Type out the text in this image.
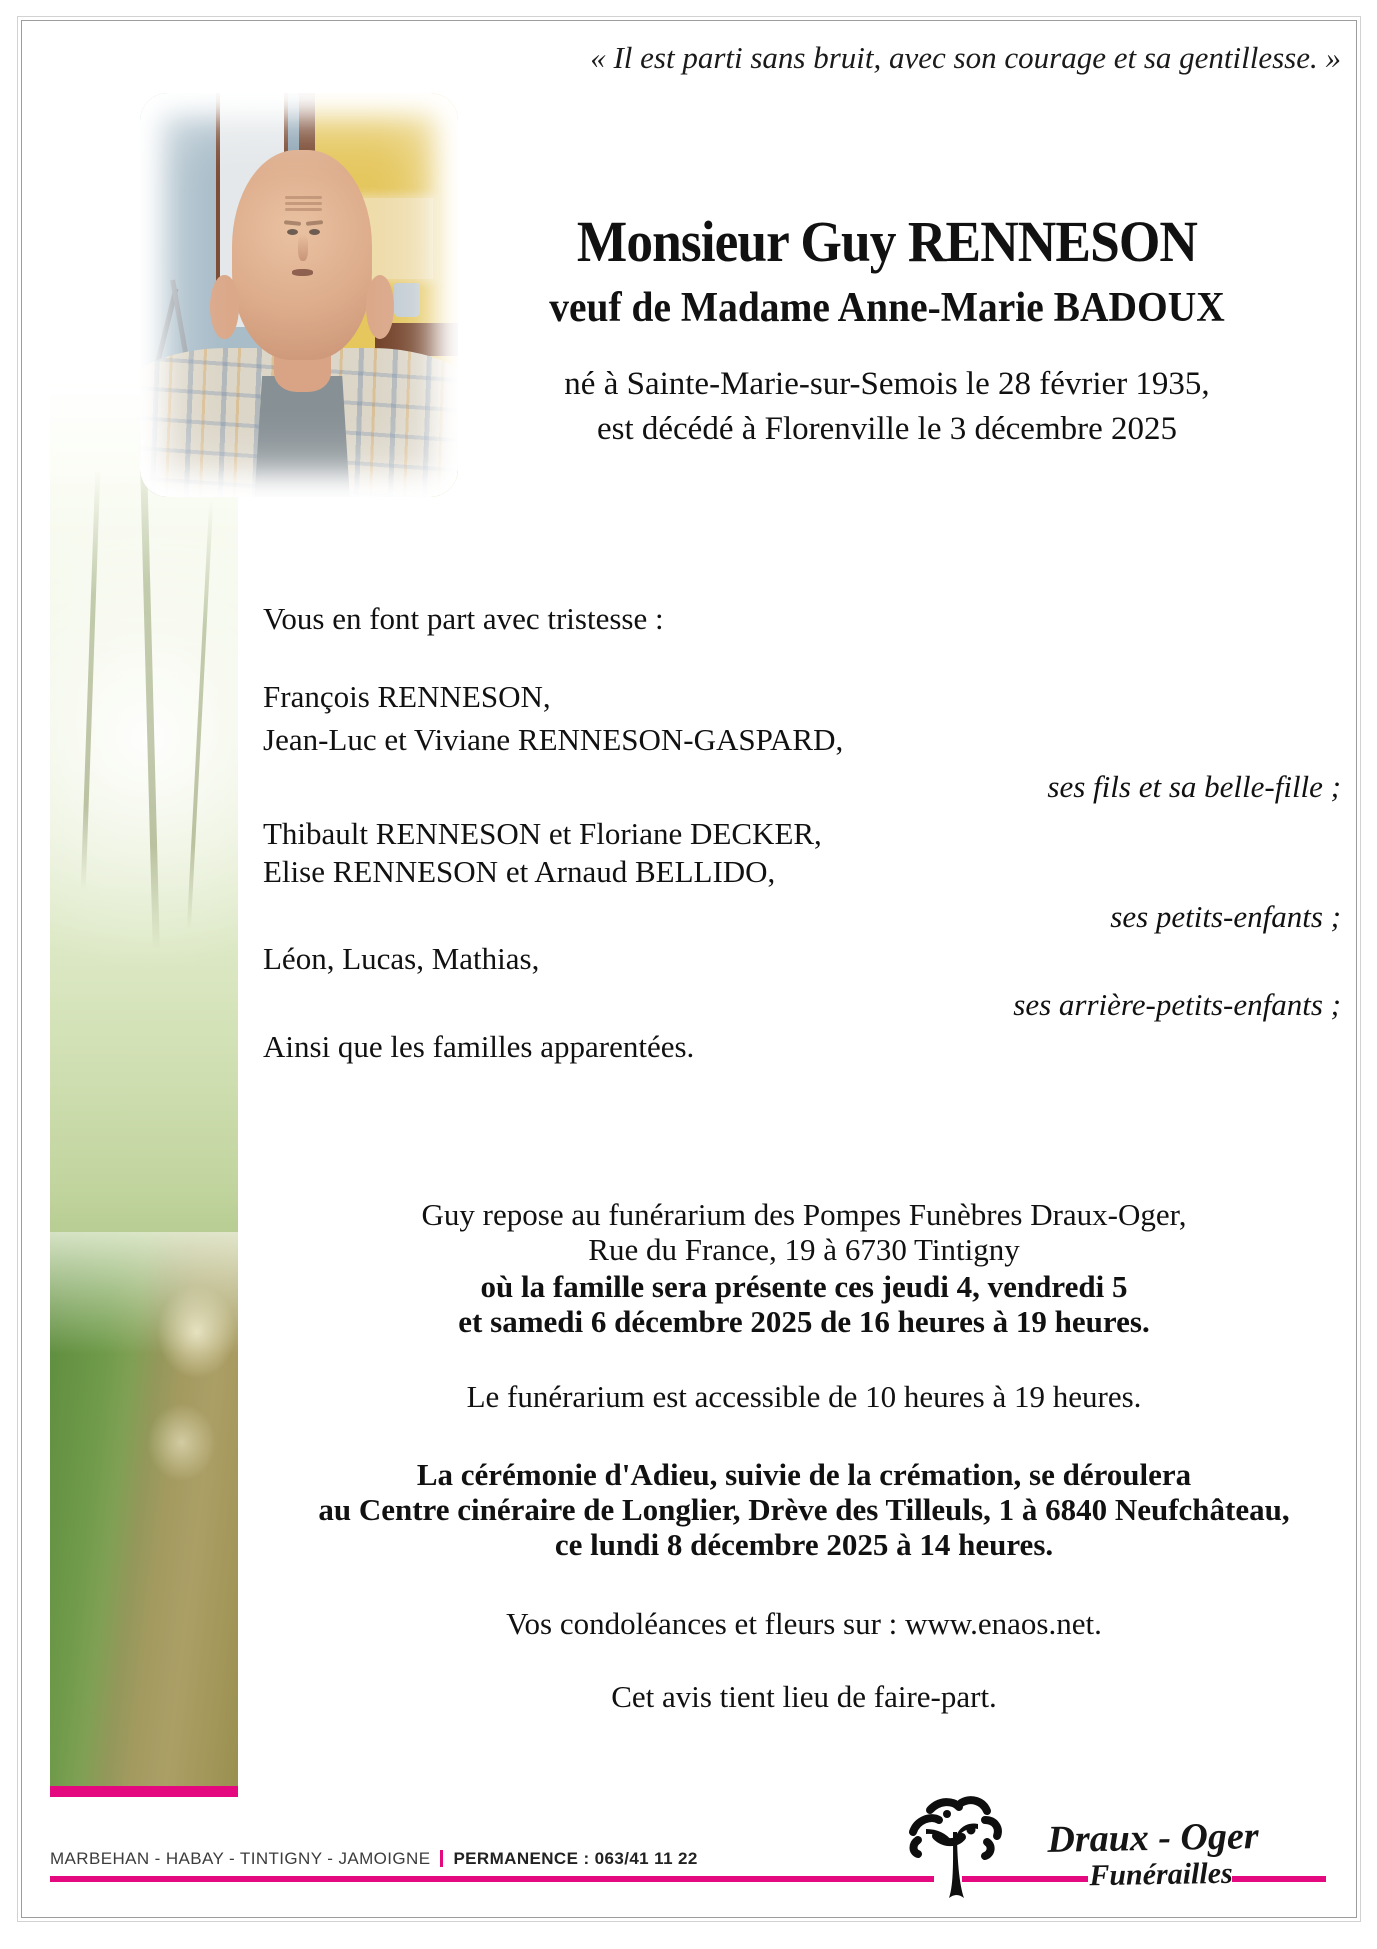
« Il est parti sans bruit, avec son courage et sa gentillesse. »
Monsieur Guy RENNESON
veuf de Madame Anne-Marie BADOUX
né à Sainte-Marie-sur-Semois le 28 février 1935,
est décédé à Florenville le 3 décembre 2025
Vous en font part avec tristesse :
François RENNESON,
Jean-Luc et Viviane RENNESON-GASPARD,
ses fils et sa belle-fille ;
Thibault RENNESON et Floriane DECKER,
Elise RENNESON et Arnaud BELLIDO,
ses petits-enfants ;
Léon, Lucas, Mathias,
ses arrière-petits-enfants ;
Ainsi que les familles apparentées.
Guy repose au funérarium des Pompes Funèbres Draux-Oger,
Rue du France, 19 à 6730 Tintigny
où la famille sera présente ces jeudi 4, vendredi 5
et samedi 6 décembre 2025 de 16 heures à 19 heures.
Le funérarium est accessible de 10 heures à 19 heures.
La cérémonie d'Adieu, suivie de la crémation, se déroulera
au Centre cinéraire de Longlier, Drève des Tilleuls, 1 à 6840 Neufchâteau,
ce lundi 8 décembre 2025 à 14 heures.
Vos condoléances et fleurs sur : www.enaos.net.
Cet avis tient lieu de faire-part.
MARBEHAN - HABAY - TINTIGNY - JAMOIGNE PERMANENCE : 063/41 11 22	Draux - Oger
Funérailles
